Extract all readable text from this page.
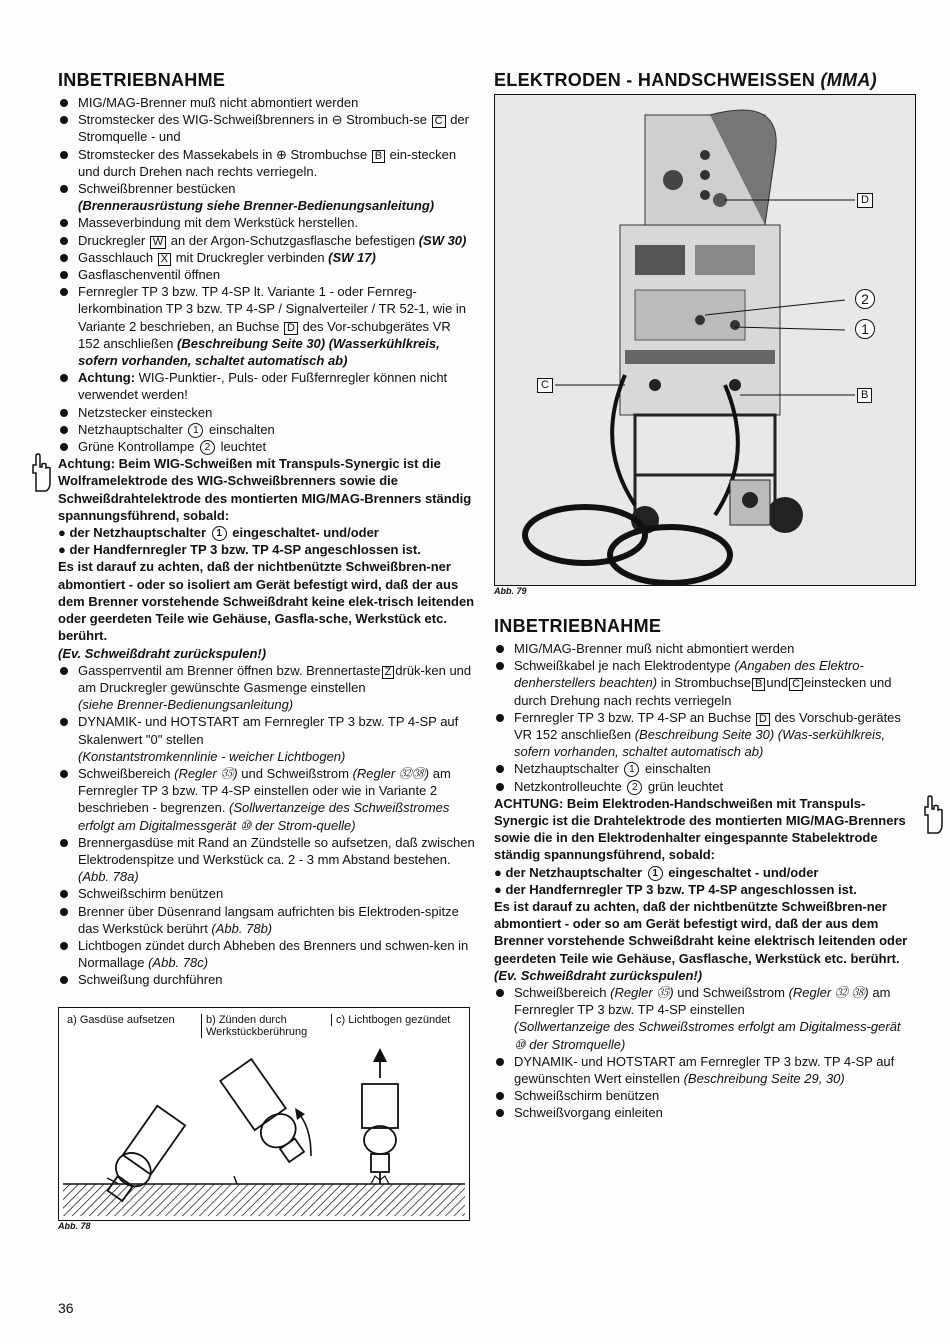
INBETRIEBNAHME
MIG/MAG-Brenner muß nicht abmontiert werden
Stromstecker des WIG-Schweißbrenners in ⊖ Strombuch-se C der Stromquelle - und
Stromstecker des Massekabels in ⊕ Strombuchse B ein-stecken und durch Drehen nach rechts verriegeln.
Schweißbrenner bestücken
(Brennerausrüstung siehe Brenner-Bedienungsanleitung)
Masseverbindung mit dem Werkstück herstellen.
Druckregler W an der Argon-Schutzgasflasche befestigen (SW 30)
Gasschlauch X mit Druckregler verbinden (SW 17)
Gasflaschenventil öffnen
Fernregler TP 3 bzw. TP 4-SP lt. Variante 1 - oder Fernreg-lerkombination TP 3 bzw. TP 4-SP / Signalverteiler / TR 52-1, wie in Variante 2 beschrieben, an Buchse D des Vor-schubgerätes VR 152 anschließen (Beschreibung Seite 30) (Wasserkühlkreis, sofern vorhanden, schaltet automatisch ab)
Achtung: WIG-Punktier-, Puls- oder Fußfernregler können nicht verwendet werden!
Netzstecker einstecken
Netzhauptschalter 1 einschalten
Grüne Kontrollampe 2 leuchtet
Achtung: Beim WIG-Schweißen mit Transpuls-Synergic ist die Wolframelektrode des WIG-Schweißbrenners sowie die Schweißdrahtelektrode des montierten MIG/MAG-Brenners ständig spannungsführend, sobald:
● der Netzhauptschalter 1 eingeschaltet- und/oder
● der Handfernregler TP 3 bzw. TP 4-SP angeschlossen ist.
Es ist darauf zu achten, daß der nichtbenützte Schweißbren-ner abmontiert - oder so isoliert am Gerät befestigt wird, daß der aus dem Brenner vorstehende Schweißdraht keine elek-trisch leitenden oder geerdeten Teile wie Gehäuse, Gasfla-sche, Werkstück etc. berührt.
(Ev. Schweißdraht zurückspulen!)
Gassperrventil am Brenner öffnen bzw. Brennertaste Z drük-ken und am Druckregler gewünschte Gasmenge einstellen
(siehe Brenner-Bedienungsanleitung)
DYNAMIK- und HOTSTART am Fernregler TP 3 bzw. TP 4-SP auf Skalenwert "0" stellen
(Konstantstromkennlinie - weicher Lichtbogen)
Schweißbereich (Regler ㉟) und Schweißstrom (Regler ㉜㊳) am Fernregler TP 3 bzw. TP 4-SP einstellen oder wie in Variante 2 beschrieben - begrenzen. (Sollwertanzeige des Schweißstromes erfolgt am Digitalmessgerät ⑩ der Strom-quelle)
Brennergasdüse mit Rand an Zündstelle so aufsetzen, daß zwischen Elektrodenspitze und Werkstück ca. 2 - 3 mm Abstand bestehen. (Abb. 78a)
Schweißschirm benützen
Brenner über Düsenrand langsam aufrichten bis Elektroden-spitze das Werkstück berührt (Abb. 78b)
Lichtbogen zündet durch Abheben des Brenners und schwen-ken in Normallage (Abb. 78c)
Schweißung durchführen
a) Gasdüse aufsetzen	b) Zünden durch Werkstückberührung
c) Lichtbogen gezündet
Abb. 78
ELEKTRODEN - HANDSCHWEISSEN (MMA)
D
2
1
C
B
Abb. 79
INBETRIEBNAHME
MIG/MAG-Brenner muß nicht abmontiert werden
Schweißkabel je nach Elektrodentype (Angaben des Elektro-denherstellers beachten) in Strombuchse B und C einstecken und durch Drehung nach rechts verriegeln
Fernregler TP 3 bzw. TP 4-SP an Buchse D des Vorschub-gerätes VR 152 anschließen (Beschreibung Seite 30) (Was-serkühlkreis, sofern vorhanden, schaltet automatisch ab)
Netzhauptschalter 1 einschalten
Netzkontrolleuchte 2 grün leuchtet
ACHTUNG: Beim Elektroden-Handschweißen mit Transpuls-Synergic ist die Drahtelektrode des montierten MIG/MAG-Brenners sowie die in den Elektrodenhalter eingespannte Stabelektrode ständig spannungsführend, sobald:
● der Netzhauptschalter 1 eingeschaltet - und/oder
● der Handfernregler TP 3 bzw. TP 4-SP angeschlossen ist.
Es ist darauf zu achten, daß der nichtbenützte Schweißbren-ner abmontiert - oder so am Gerät befestigt wird, daß der aus dem Brenner vorstehende Schweißdraht keine elektrisch leitenden oder geerdeten Teile wie Gehäuse, Gasflasche, Werkstück etc. berührt. (Ev. Schweißdraht zurückspulen!)
Schweißbereich (Regler ㉟) und Schweißstrom (Regler ㉜ ㊳) am Fernregler TP 3 bzw. TP 4-SP einstellen
(Sollwertanzeige des Schweißstromes erfolgt am Digitalmess-gerät ⑩ der Stromquelle)
DYNAMIK- und HOTSTART am Fernregler TP 3 bzw. TP 4-SP auf gewünschten Wert einstellen (Beschreibung Seite 29, 30)
Schweißschirm benützen
Schweißvorgang einleiten
36
